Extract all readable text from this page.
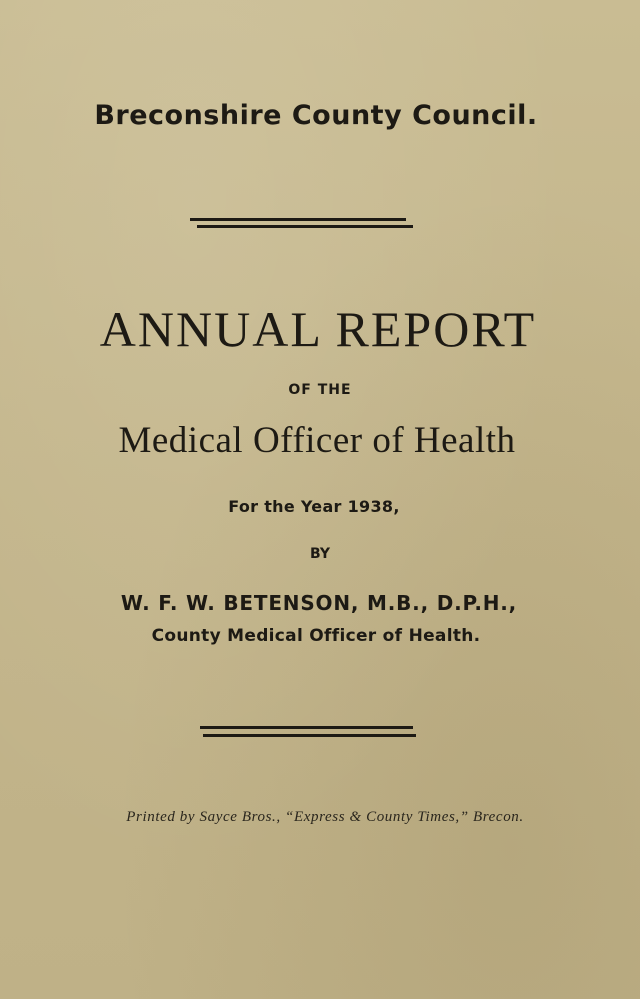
Breconshire County Council.
ANNUAL REPORT
OF THE
Medical Officer of Health
For the Year 1938,
BY
W. F. W. BETENSON, M.B., D.P.H.,
County Medical Officer of Health.
Printed by Sayce Bros., “Express & County Times,” Brecon.
